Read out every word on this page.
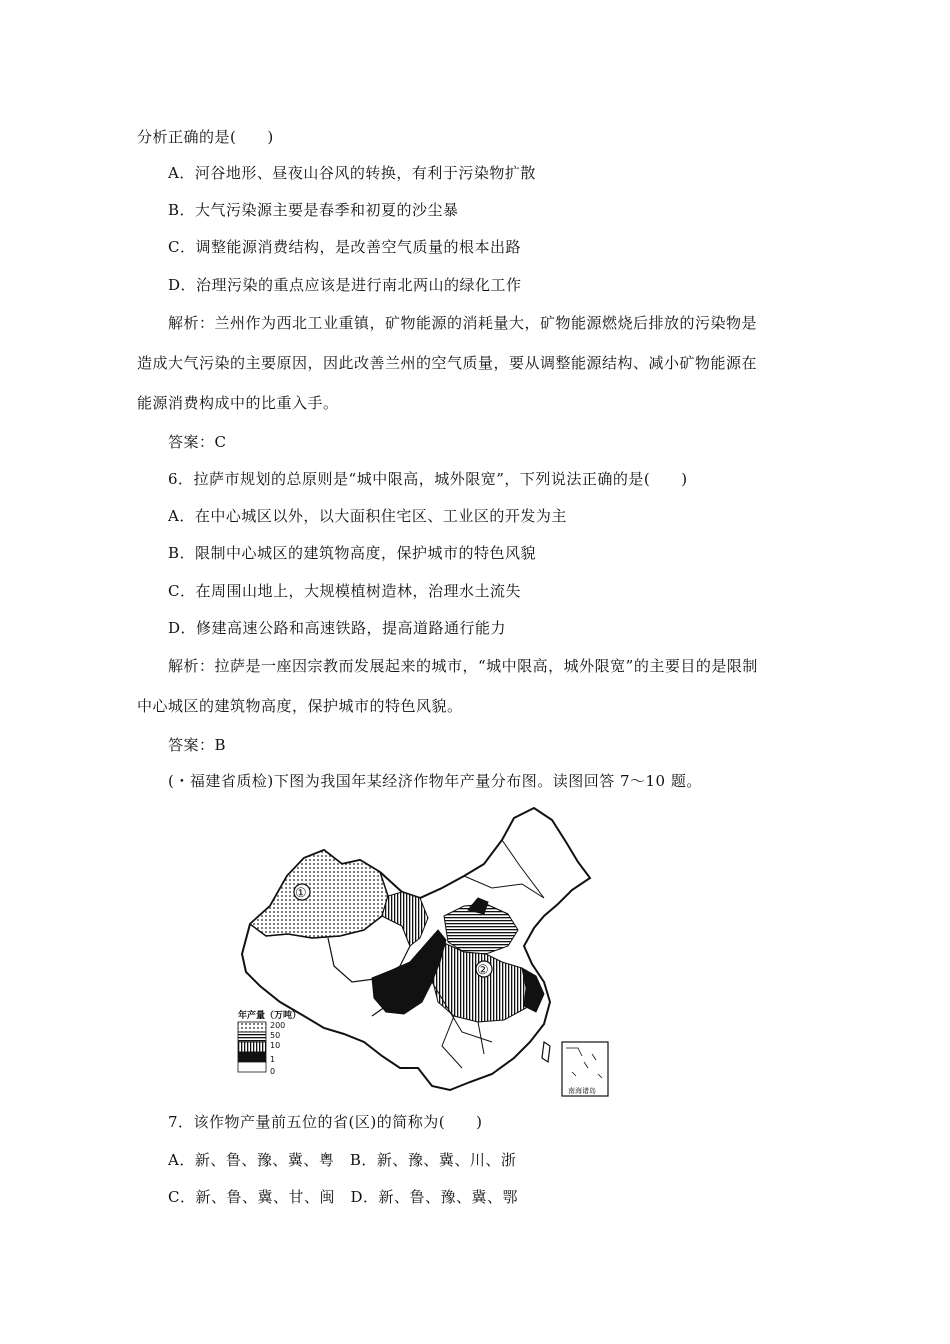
分析正确的是(　　)
A．河谷地形、昼夜山谷风的转换，有利于污染物扩散
B．大气污染源主要是春季和初夏的沙尘暴
C．调整能源消费结构，是改善空气质量的根本出路
D．治理污染的重点应该是进行南北两山的绿化工作
解析：兰州作为西北工业重镇，矿物能源的消耗量大，矿物能源燃烧后排放的污染物是
造成大气污染的主要原因，因此改善兰州的空气质量，要从调整能源结构、减小矿物能源在
能源消费构成中的比重入手。
答案：C
6．拉萨市规划的总原则是“城中限高，城外限宽”，下列说法正确的是(　　)
A．在中心城区以外，以大面积住宅区、工业区的开发为主
B．限制中心城区的建筑物高度，保护城市的特色风貌
C．在周围山地上，大规模植树造林，治理水土流失
D．修建高速公路和高速铁路，提高道路通行能力
解析：拉萨是一座因宗教而发展起来的城市，“城中限高，城外限宽”的主要目的是限制
中心城区的建筑物高度，保护城市的特色风貌。
答案：B
(・福建省质检)下图为我国年某经济作物年产量分布图。读图回答 7～10 题。
①
②
年产量（万吨）
200
50
10
1
0
南海诸岛
7．该作物产量前五位的省(区)的简称为(　　)
A．新、鲁、豫、冀、粤　B．新、豫、冀、川、浙
C．新、鲁、冀、甘、闽　D．新、鲁、豫、冀、鄂
